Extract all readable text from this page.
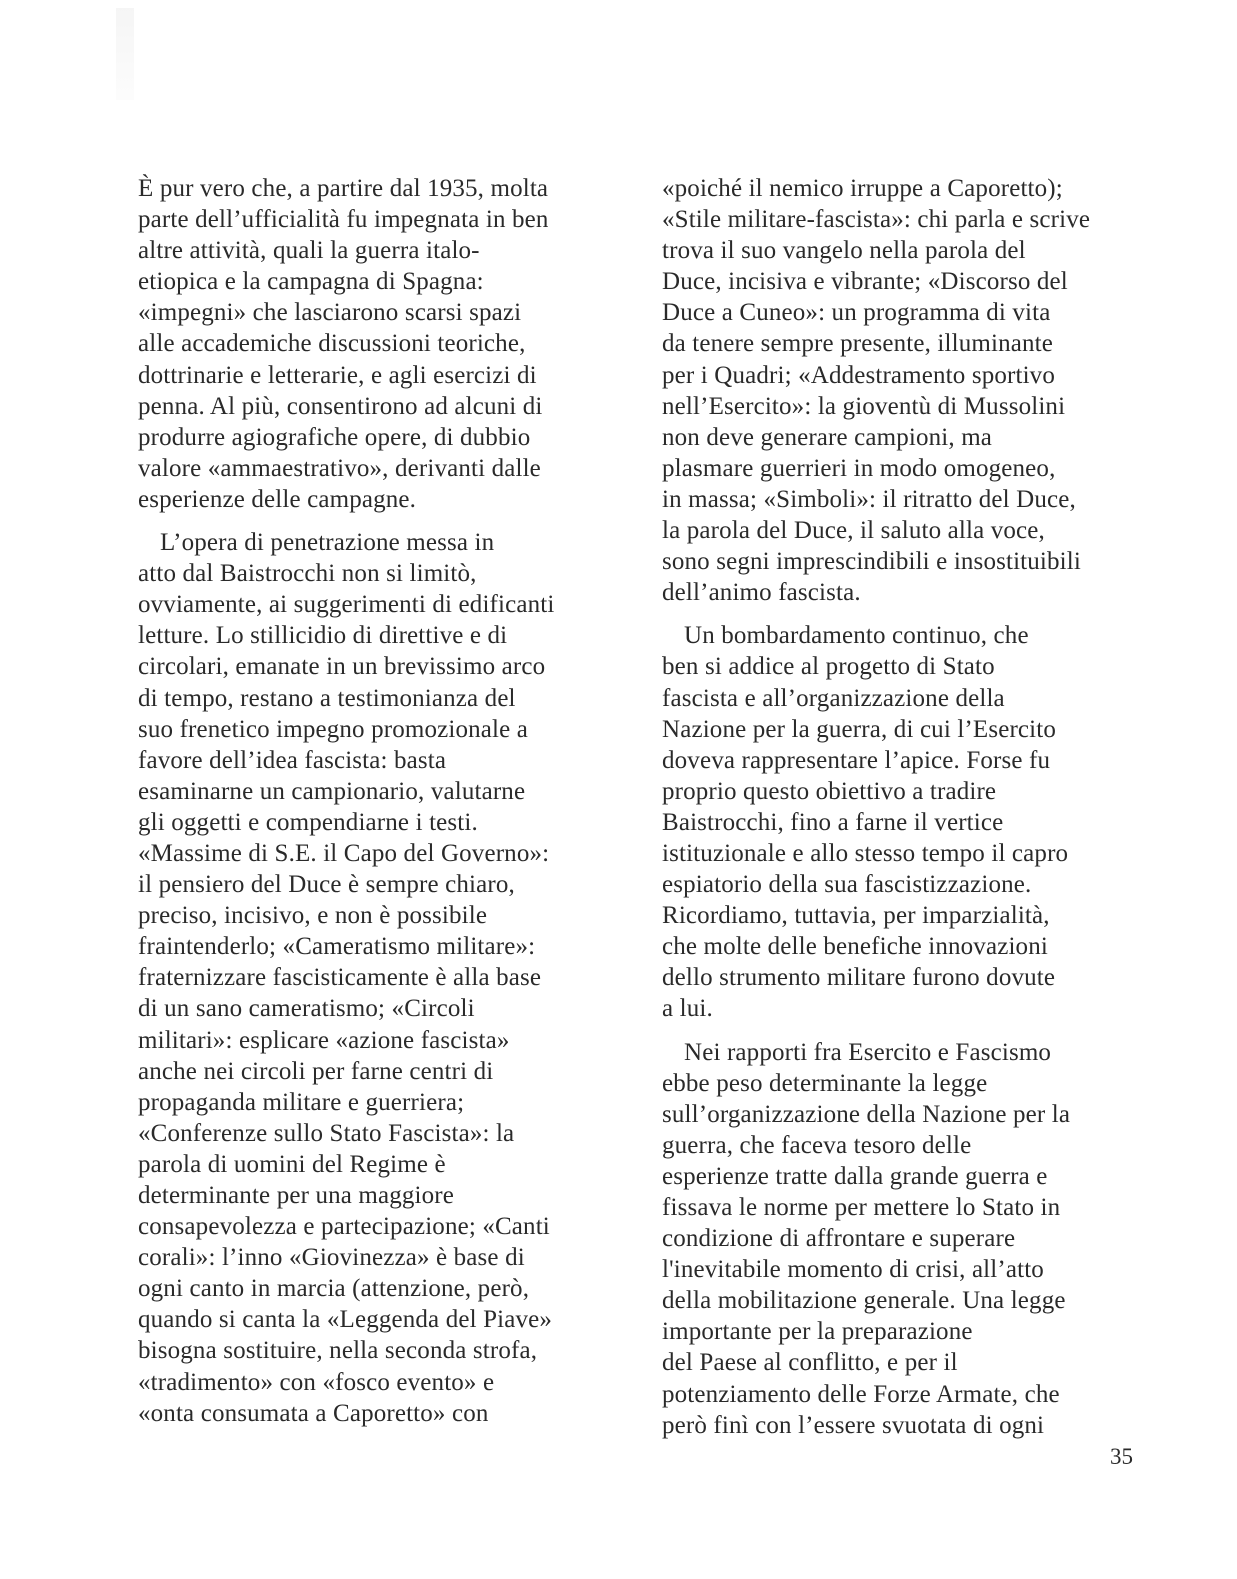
È pur vero che, a partire dal 1935, molta
parte dell’ufficialità fu impegnata in ben
altre attività, quali la guerra italo-
etiopica e la campagna di Spagna:
«impegni» che lasciarono scarsi spazi
alle accademiche discussioni teoriche,
dottrinarie e letterarie, e agli esercizi di
penna. Al più, consentirono ad alcuni di
produrre agiografiche opere, di dubbio
valore «ammaestrativo», derivanti dalle
esperienze delle campagne.

L’opera di penetrazione messa in
atto dal Baistrocchi non si limitò,
ovviamente, ai suggerimenti di edificanti
letture. Lo stillicidio di direttive e di
circolari, emanate in un brevissimo arco
di tempo, restano a testimonianza del
suo frenetico impegno promozionale a
favore dell’idea fascista: basta
esaminarne un campionario, valutarne
gli oggetti e compendiarne i testi.
«Massime di S.E. il Capo del Governo»:
il pensiero del Duce è sempre chiaro,
preciso, incisivo, e non è possibile
fraintenderlo; «Cameratismo militare»:
fraternizzare fascisticamente è alla base
di un sano cameratismo; «Circoli
militari»: esplicare «azione fascista»
anche nei circoli per farne centri di
propaganda militare e guerriera;
«Conferenze sullo Stato Fascista»: la
parola di uomini del Regime è
determinante per una maggiore
consapevolezza e partecipazione; «Canti
corali»: l’inno «Giovinezza» è base di
ogni canto in marcia (attenzione, però,
quando si canta la «Leggenda del Piave»
bisogna sostituire, nella seconda strofa,
«tradimento» con «fosco evento» e
«onta consumata a Caporetto» con

«poiché il nemico irruppe a Caporetto);
«Stile militare-fascista»: chi parla e scrive
trova il suo vangelo nella parola del
Duce, incisiva e vibrante; «Discorso del
Duce a Cuneo»: un programma di vita
da tenere sempre presente, illuminante
per i Quadri; «Addestramento sportivo
nell’Esercito»: la gioventù di Mussolini
non deve generare campioni, ma
plasmare guerrieri in modo omogeneo,
in massa; «Simboli»: il ritratto del Duce,
la parola del Duce, il saluto alla voce,
sono segni imprescindibili e insostituibili
dell’animo fascista.

Un bombardamento continuo, che
ben si addice al progetto di Stato
fascista e all’organizzazione della
Nazione per la guerra, di cui l’Esercito
doveva rappresentare l’apice. Forse fu
proprio questo obiettivo a tradire
Baistrocchi, fino a farne il vertice
istituzionale e allo stesso tempo il capro
espiatorio della sua fascistizzazione.
Ricordiamo, tuttavia, per imparzialità,
che molte delle benefiche innovazioni
dello strumento militare furono dovute
a lui.

Nei rapporti fra Esercito e Fascismo
ebbe peso determinante la legge
sull’organizzazione della Nazione per la
guerra, che faceva tesoro delle
esperienze tratte dalla grande guerra e
fissava le norme per mettere lo Stato in
condizione di affrontare e superare
l'inevitabile momento di crisi, all’atto
della mobilitazione generale. Una legge
importante per la preparazione
del Paese al conflitto, e per il
potenziamento delle Forze Armate, che
però finì con l’essere svuotata di ogni

35
